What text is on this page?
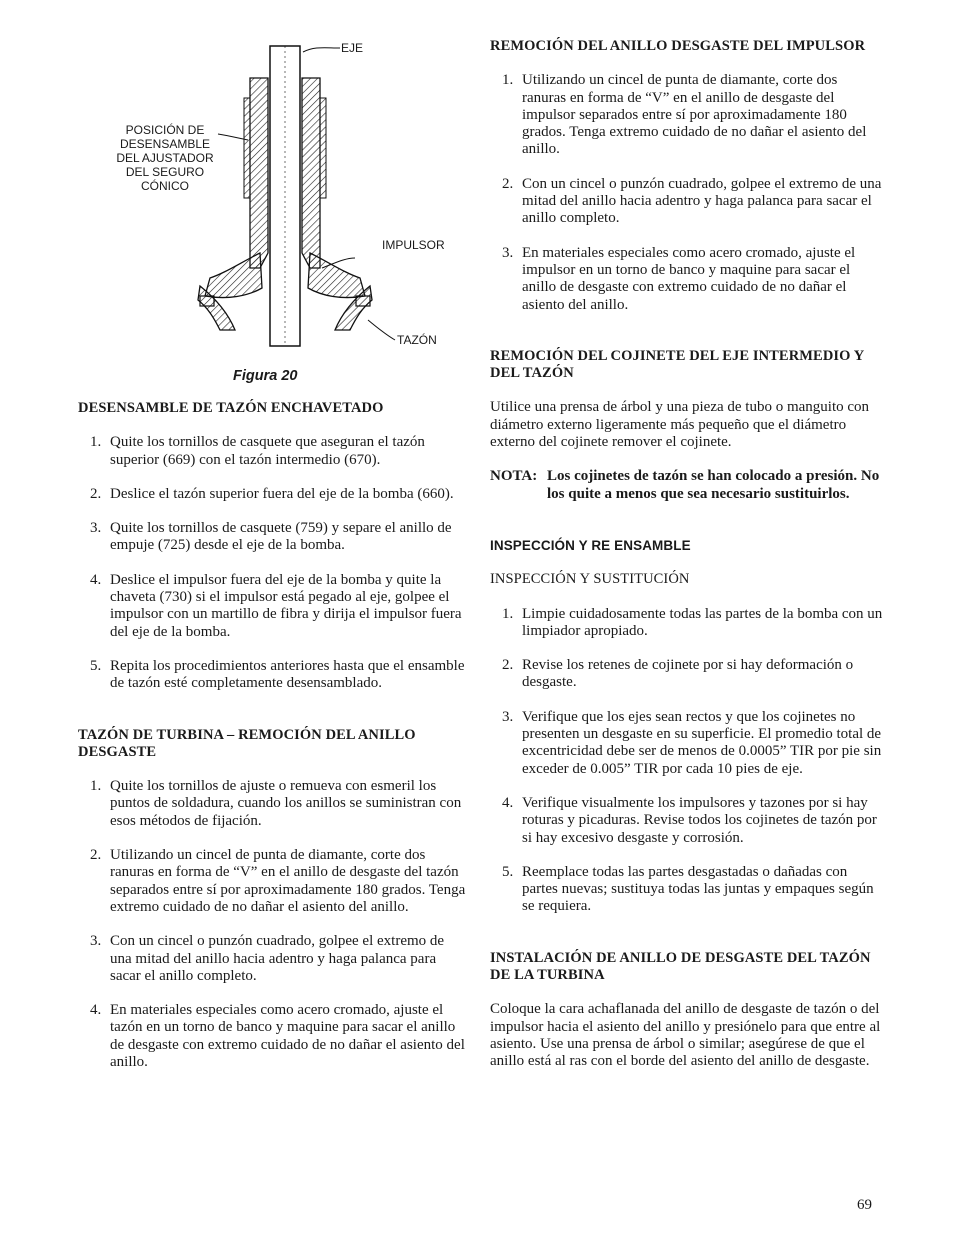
EJE
POSICIÓN DE
DESENSAMBLE
DEL AJUSTADOR
DEL SEGURO
CÓNICO
IMPULSOR
TAZÓN
Figura 20
DESENSAMBLE DE TAZÓN ENCHAVETADO
1. Quite los tornillos de casquete que aseguran el tazón superior (669) con el tazón intermedio (670).
2. Deslice el tazón superior fuera del eje de la bomba (660).
3. Quite los tornillos de casquete (759) y separe el anillo de empuje (725) desde el eje de la bomba.
4. Deslice el impulsor fuera del eje de la bomba y quite la chaveta (730) si el impulsor está pegado al eje, golpee el impulsor con un martillo de fibra y dirija el impulsor fuera del eje de la bomba.
5. Repita los procedimientos anteriores hasta que el ensamble de tazón esté completamente desensamblado.
TAZÓN DE TURBINA – REMOCIÓN DEL ANILLO DESGASTE
1. Quite los tornillos de ajuste o remueva con esmeril los puntos de soldadura, cuando los anillos se suministran con esos métodos de fijación.
2. Utilizando un cincel de punta de diamante, corte dos ranuras en forma de “V” en el anillo de desgaste del tazón separados entre sí por aproximadamente 180 grados. Tenga extremo cuidado de no dañar el asiento del anillo.
3. Con un cincel o punzón cuadrado, golpee el extremo de una mitad del anillo hacia adentro y haga palanca para sacar el anillo completo.
4. En materiales especiales como acero cromado, ajuste el tazón en un torno de banco y maquine para sacar el anillo de desgaste con extremo cuidado de no dañar el asiento del anillo.
REMOCIÓN DEL ANILLO DESGASTE DEL IMPULSOR
1. Utilizando un cincel de punta de diamante, corte dos ranuras en forma de “V” en el anillo de desgaste del impulsor separados entre sí por aproximadamente 180 grados. Tenga extremo cuidado de no dañar el asiento del anillo.
2. Con un cincel o punzón cuadrado, golpee el extremo de una mitad del anillo hacia adentro y haga palanca para sacar el anillo completo.
3. En materiales especiales como acero cromado, ajuste el impulsor en un torno de banco y maquine para sacar el anillo de desgaste con extremo cuidado de no dañar el asiento del anillo.
REMOCIÓN DEL COJINETE DEL EJE INTERMEDIO Y DEL TAZÓN

Utilice una prensa de árbol y una pieza de tubo o manguito con diámetro externo ligeramente más pequeño que el diámetro externo del cojinete remover el cojinete.

NOTA: Los cojinetes de tazón se han colocado a presión. No los quite a menos que sea necesario sustituirlos.
INSPECCIÓN Y RE ENSAMBLE
INSPECCIÓN Y SUSTITUCIÓN
1. Limpie cuidadosamente todas las partes de la bomba con un limpiador apropiado.
2. Revise los retenes de cojinete por si hay deformación o desgaste.
3. Verifique que los ejes sean rectos y que los cojinetes no presenten un desgaste en su superficie. El promedio total de excentricidad debe ser de menos de 0.0005” TIR por pie sin exceder de 0.005” TIR por cada 10 pies de eje.
4. Verifique visualmente los impulsores y tazones por si hay roturas y picaduras. Revise todos los cojinetes de tazón por si hay excesivo desgaste y corrosión.
5. Reemplace todas las partes desgastadas o dañadas con partes nuevas; sustituya todas las juntas y empaques según se requiera.
INSTALACIÓN DE ANILLO DE DESGASTE DEL TAZÓN DE LA TURBINA

Coloque la cara achaflanada del anillo de desgaste de tazón o del impulsor hacia el asiento del anillo y presiónelo para que entre al asiento. Use una prensa de árbol o similar; asegúrese de que el anillo está al ras con el borde del asiento del anillo de desgaste.

69
